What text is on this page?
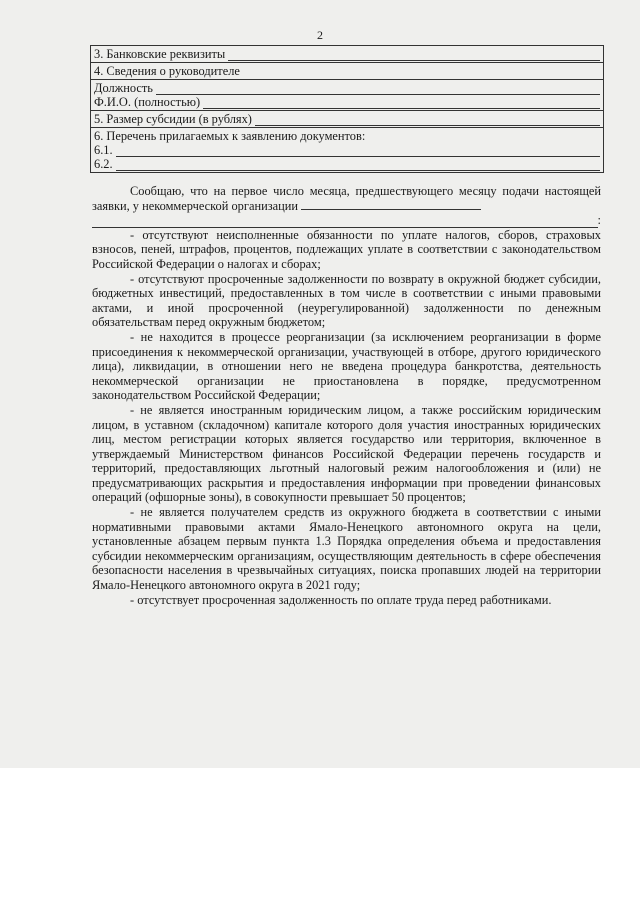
2
3. Банковские реквизиты

4. Сведения о руководителе

Должность
Ф.И.О. (полностью)

5. Размер субсидии (в рублях)

6. Перечень прилагаемых к заявлению документов:
6.1.
6.2.

Сообщаю, что на первое число месяца, предшествующего месяцу подачи настоящей заявки, у некоммерческой организации

:

- отсутствуют неисполненные обязанности по уплате налогов, сборов, страховых взносов, пеней, штрафов, процентов, подлежащих уплате в соответствии с законодательством Российской Федерации о налогах и сборах;

- отсутствуют просроченные задолженности по возврату в окружной бюджет субсидии, бюджетных инвестиций, предоставленных в том числе в соответствии с иными правовыми актами, и иной просроченной (неурегулированной) задолженности по денежным обязательствам перед окружным бюджетом;

- не находится в процессе реорганизации (за исключением реорганизации в форме присоединения к некоммерческой организации, участвующей в отборе, другого юридического лица), ликвидации, в отношении него не введена процедура банкротства, деятельность некоммерческой организации не приостановлена в порядке, предусмотренном законодательством Российской Федерации;

- не является иностранным юридическим лицом, а также российским юридическим лицом, в уставном (складочном) капитале которого доля участия иностранных юридических лиц, местом регистрации которых является государство или территория, включенное в утверждаемый Министерством финансов Российской Федерации перечень государств и территорий, предоставляющих льготный налоговый режим налогообложения и (или) не предусматривающих раскрытия и предоставления информации при проведении финансовых операций (офшорные зоны), в совокупности превышает 50 процентов;

- не является получателем средств из окружного бюджета в соответствии с иными нормативными правовыми актами Ямало-Ненецкого автономного округа на цели, установленные абзацем первым пункта 1.3 Порядка определения объема и предоставления субсидии некоммерческим организациям, осуществляющим деятельность в сфере обеспечения безопасности населения в чрезвычайных ситуациях, поиска пропавших людей на территории Ямало-Ненецкого автономного округа в 2021 году;

- отсутствует просроченная задолженность по оплате труда перед работниками.
